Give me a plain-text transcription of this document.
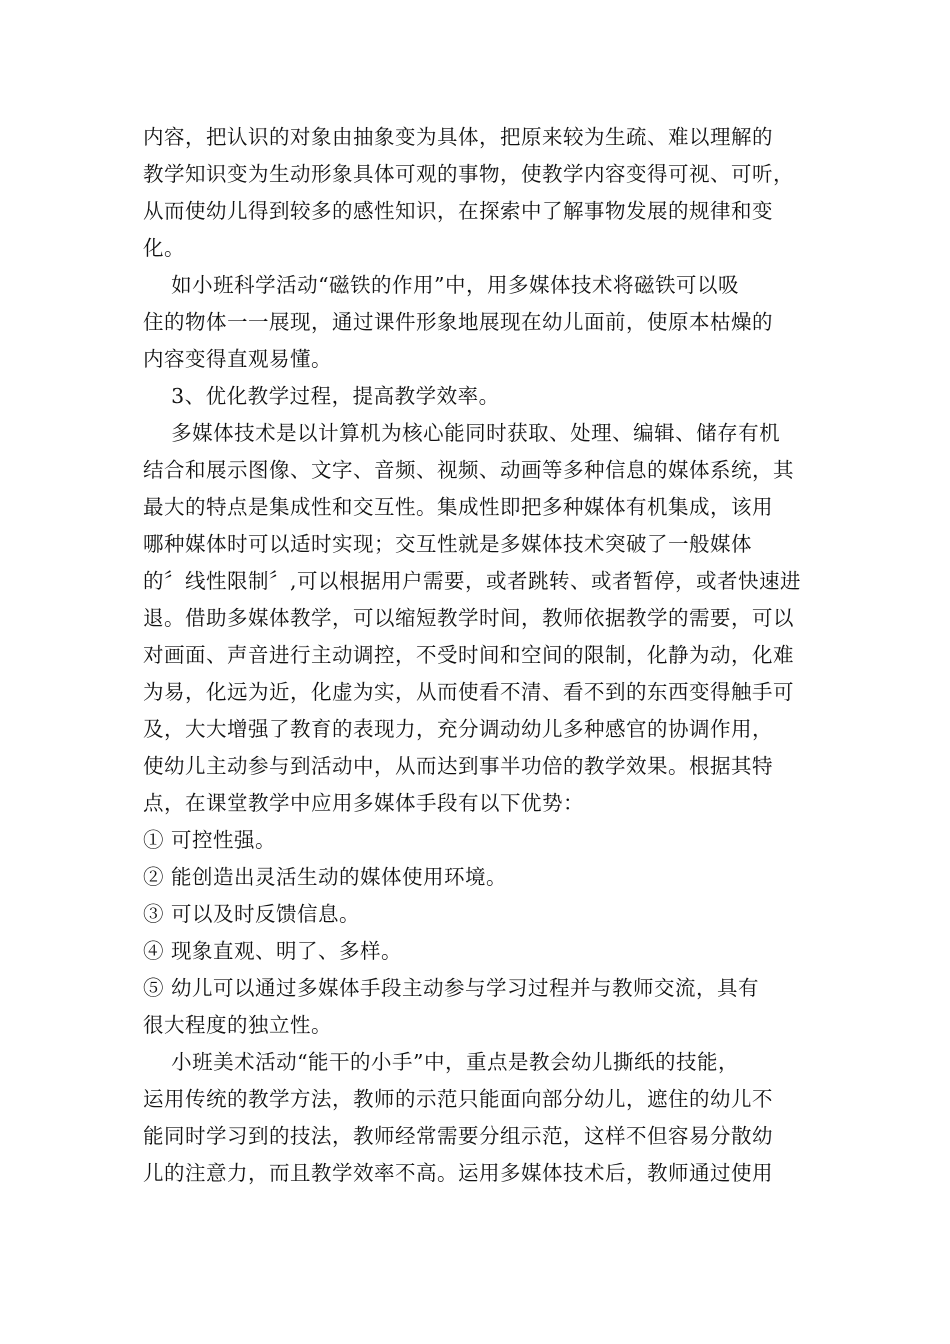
内容，把认识的对象由抽象变为具体，把原来较为生疏、难以理解的
教学知识变为生动形象具体可观的事物，使教学内容变得可视、可听，
从而使幼儿得到较多的感性知识，在探索中了解事物发展的规律和变
化。
如小班科学活动“磁铁的作用”中，用多媒体技术将磁铁可以吸
住的物体一一展现，通过课件形象地展现在幼儿面前，使原本枯燥的
内容变得直观易懂。
3、优化教学过程，提高教学效率。
多媒体技术是以计算机为核心能同时获取、处理、编辑、储存有机
结合和展示图像、文字、音频、视频、动画等多种信息的媒体系统，其
最大的特点是集成性和交互性。集成性即把多种媒体有机集成，该用
哪种媒体时可以适时实现；交互性就是多媒体技术突破了一般媒体
的〞线性限制〞,可以根据用户需要，或者跳转、或者暂停，或者快速进
退。借助多媒体教学，可以缩短教学时间，教师依据教学的需要，可以
对画面、声音进行主动调控，不受时间和空间的限制，化静为动，化难
为易，化远为近，化虚为实，从而使看不清、看不到的东西变得触手可
及，大大增强了教育的表现力，充分调动幼儿多种感官的协调作用，
使幼儿主动参与到活动中，从而达到事半功倍的教学效果。根据其特
点，在课堂教学中应用多媒体手段有以下优势：
① 可控性强。
② 能创造出灵活生动的媒体使用环境。
③ 可以及时反馈信息。
④ 现象直观、明了、多样。
⑤ 幼儿可以通过多媒体手段主动参与学习过程并与教师交流，具有
很大程度的独立性。
小班美术活动“能干的小手”中，重点是教会幼儿撕纸的技能，
运用传统的教学方法，教师的示范只能面向部分幼儿，遮住的幼儿不
能同时学习到的技法，教师经常需要分组示范，这样不但容易分散幼
儿的注意力，而且教学效率不高。运用多媒体技术后，教师通过使用
